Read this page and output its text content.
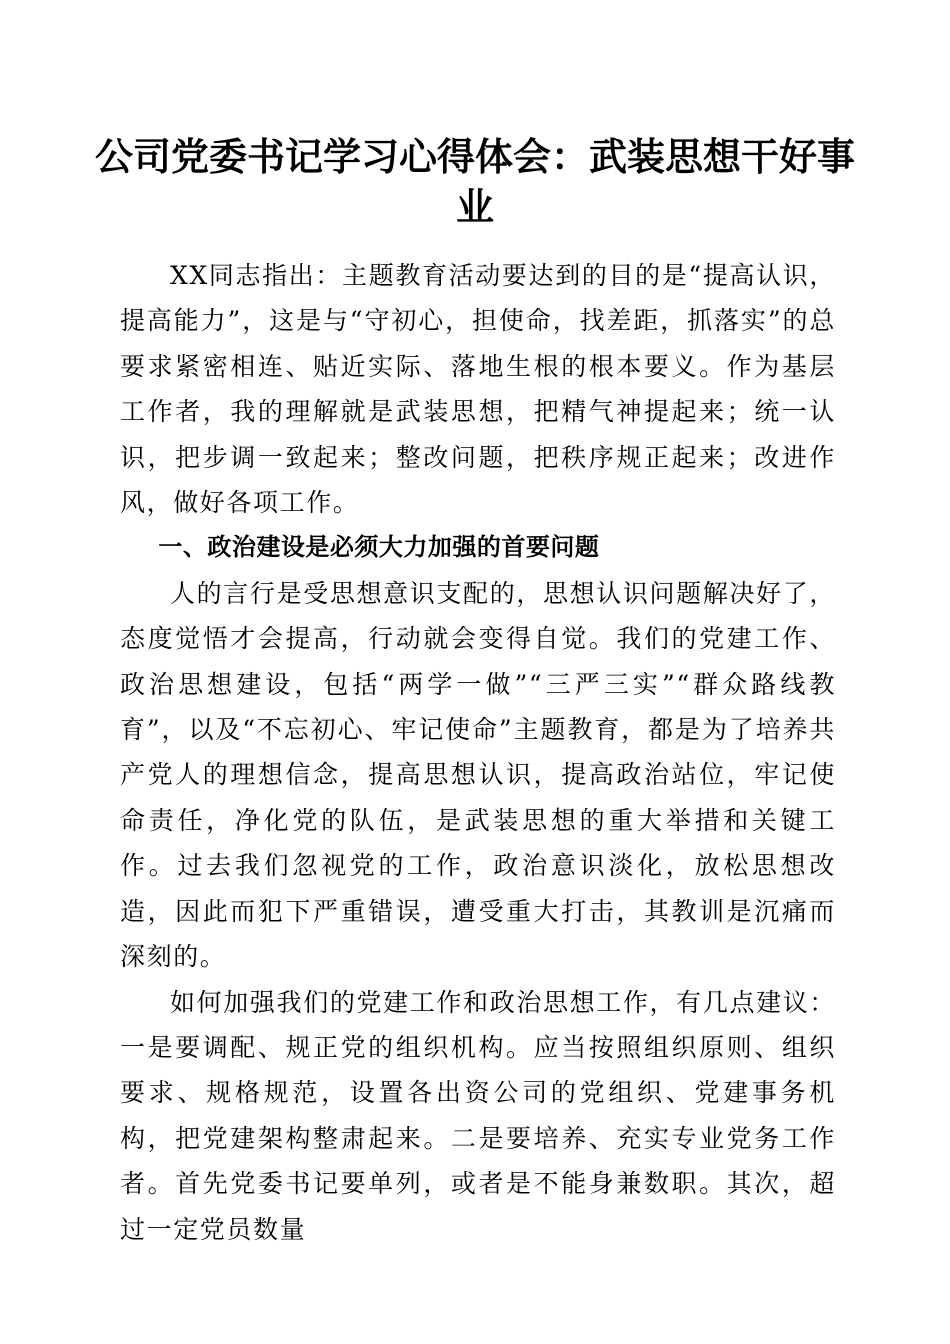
公司党委书记学习心得体会：武装思想干好事业

XX同志指出：主题教育活动要达到的目的是“提高认识，提高能力”，这是与“守初心，担使命，找差距，抓落实”的总要求紧密相连、贴近实际、落地生根的根本要义。作为基层工作者，我的理解就是武装思想，把精气神提起来；统一认识，把步调一致起来；整改问题，把秩序规正起来；改进作风，做好各项工作。

一、政治建设是必须大力加强的首要问题

人的言行是受思想意识支配的，思想认识问题解决好了，态度觉悟才会提高，行动就会变得自觉。我们的党建工作、政治思想建设，包括“两学一做”“三严三实”“群众路线教育”，以及“不忘初心、牢记使命”主题教育，都是为了培养共产党人的理想信念，提高思想认识，提高政治站位，牢记使命责任，净化党的队伍，是武装思想的重大举措和关键工作。过去我们忽视党的工作，政治意识淡化，放松思想改造，因此而犯下严重错误，遭受重大打击，其教训是沉痛而深刻的。

如何加强我们的党建工作和政治思想工作，有几点建议：一是要调配、规正党的组织机构。应当按照组织原则、组织要求、规格规范，设置各出资公司的党组织、党建事务机构，把党建架构整肃起来。二是要培养、充实专业党务工作者。首先党委书记要单列，或者是不能身兼数职。其次，超过一定党员数量
